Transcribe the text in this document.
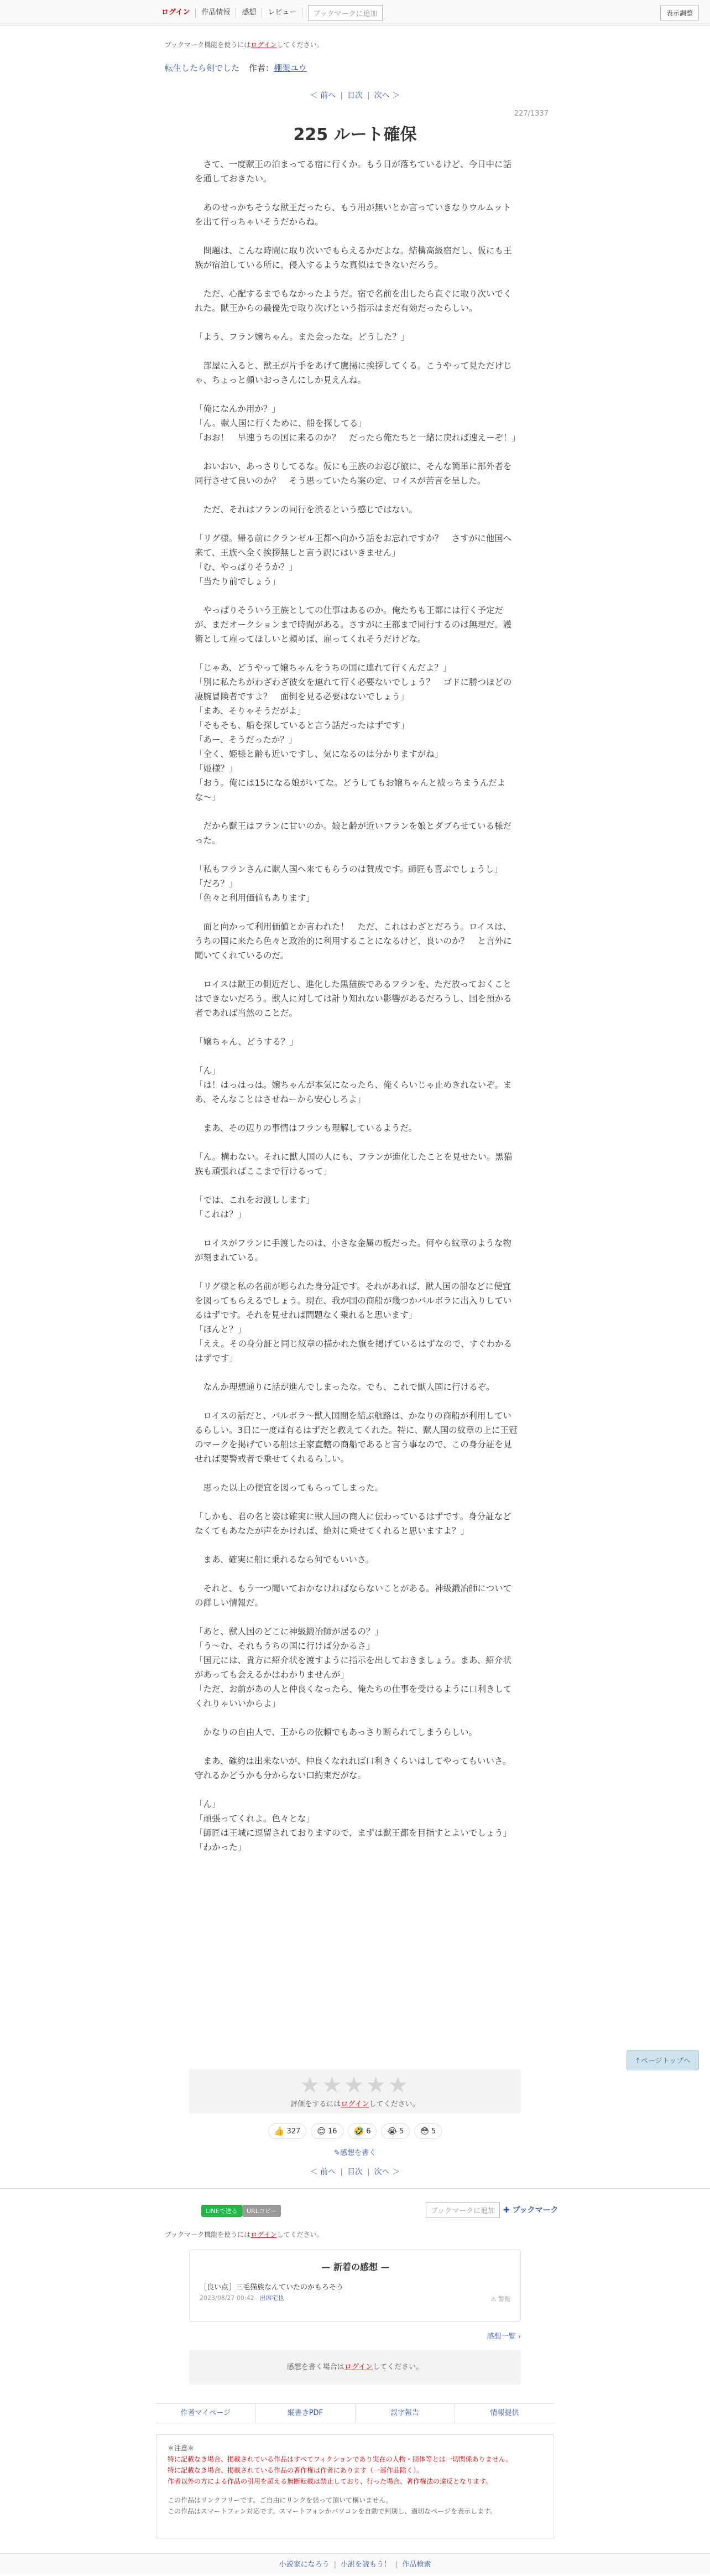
ログイン	作品情報	感想	レビュー	ブックマークに追加	表示調整
ブックマーク機能を使うにはログインしてください。
転生したら剣でした 作者：棚架ユウ
＜ 前へ | 目次 | 次へ ＞
227/1337
225 ルート確保

　さて、一度獣王の泊まってる宿に行くか。もう日が落ちているけど、今日中に話を通しておきたい。

　あのせっかちそうな獣王だったら、もう用が無いとか言っていきなりウルムットを出て行っちゃいそうだからね。

　問題は、こんな時間に取り次いでもらえるかだよな。結構高級宿だし、仮にも王族が宿泊している所に、侵入するような真似はできないだろう。

　ただ、心配するまでもなかったようだ。宿で名前を出したら直ぐに取り次いでくれた。獣王からの最優先で取り次げという指示はまだ有効だったらしい。

「よう、フラン嬢ちゃん。また会ったな。どうした？」

　部屋に入ると、獣王が片手をあげて鷹揚に挨拶してくる。こうやって見ただけじゃ、ちょっと顔いおっさんにしか見えんね。

「俺になんか用か？」

「ん。獣人国に行くために、船を探してる」

「おお！　早速うちの国に来るのか？　だったら俺たちと一緒に戻れば速えーぞ！」

　おいおい、あっさりしてるな。仮にも王族のお忍び旅に、そんな簡単に部外者を同行させて良いのか？　そう思っていたら案の定、ロイスが苦言を呈した。

　ただ、それはフランの同行を渋るという感じではない。

「リグ様。帰る前にクランゼル王都へ向かう話をお忘れですか？　さすがに他国へ来て、王族へ全く挨拶無しと言う訳にはいきません」

「む、やっぱりそうか？」

「当たり前でしょう」

　やっぱりそういう王族としての仕事はあるのか。俺たちも王都には行く予定だが、まだオークションまで時間がある。さすがに王都まで同行するのは無理だ。護衛として雇ってほしいと頼めば、雇ってくれそうだけどな。

「じゃあ、どうやって嬢ちゃんをうちの国に連れて行くんだよ？」

「別に私たちがわざわざ彼女を連れて行く必要ないでしょう？　ゴドに勝つほどの凄腕冒険者ですよ？　面倒を見る必要はないでしょう」

「まあ、そりゃそうだがよ」

「そもそも、船を探していると言う話だったはずです」

「あー、そうだったか？」

「全く、姫様と齢も近いですし、気になるのは分かりますがね」

「姫様？」

「おう。俺には15になる娘がいてな。どうしてもお嬢ちゃんと被っちまうんだよな〜」

　だから獣王はフランに甘いのか。娘と齢が近いフランを娘とダブらせている様だった。

「私もフランさんに獣人国へ来てもらうのは賛成です。師匠も喜ぶでしょうし」

「だろ？」

「色々と利用価値もあります」

　面と向かって利用価値とか言われた！　ただ、これはわざとだろう。ロイスは、うちの国に来たら色々と政治的に利用することになるけど、良いのか？　と言外に聞いてくれているのだ。

　ロイスは獣王の側近だし、進化した黒猫族であるフランを、ただ放っておくことはできないだろう。獣人に対しては計り知れない影響があるだろうし、国を預かる者であれば当然のことだ。

「嬢ちゃん、どうする？」

「ん」

「は！はっはっは。嬢ちゃんが本気になったら、俺くらいじゃ止めきれないぞ。まあ、そんなことはさせねーから安心しろよ」

　まあ、その辺りの事情はフランも理解しているようだ。

「ん。構わない。それに獣人国の人にも、フランが進化したことを見せたい。黒猫族も頑張ればここまで行けるって」

「では、これをお渡しします」

「これは？」

　ロイスがフランに手渡したのは、小さな金属の板だった。何やら紋章のような物が刻まれている。

「リグ様と私の名前が彫られた身分証です。それがあれば、獣人国の船などに便宜を図ってもらえるでしょう。現在、我が国の商船が幾つかバルボラに出入りしているはずです。それを見せれば問題なく乗れると思います」

「ほんと？」

「ええ。その身分証と同じ紋章の描かれた旗を掲げているはずなので、すぐわかるはずです」

　なんか理想通りに話が進んでしまったな。でも、これで獣人国に行けるぞ。

　ロイスの話だと、バルボラ〜獣人国間を結ぶ航路は、かなりの商船が利用しているらしい。3日に一度は有るはずだと教えてくれた。特に、獣人国の紋章の上に王冠のマークを掲げている船は王家直轄の商船であると言う事なので、この身分証を見せれば要警戒者で乗せてくれるらしい。

　思った以上の便宜を図ってもらってしまった。

「しかも、君の名と姿は確実に獣人国の商人に伝わっているはずです。身分証などなくてもあなたが声をかければ、絶対に乗せてくれると思いますよ？」

　まあ、確実に船に乗れるなら何でもいいさ。

　それと、もう一つ聞いておかなければならないことがある。神級鍛冶師についての詳しい情報だ。

「あと、獣人国のどこに神級鍛冶師が居るの？」

「う〜む、それもうちの国に行けば分かるさ」

「国元には、貴方に紹介状を渡すように指示を出しておきましょう。まあ、紹介状があっても会えるかはわかりませんが」

「ただ、お前があの人と仲良くなったら、俺たちの仕事を受けるように口利きしてくれりゃいいからよ」

　かなりの自由人で、王からの依頼でもあっさり断られてしまうらしい。

　まあ、確約は出来ないが、仲良くなれれば口利きくらいはしてやってもいいさ。守れるかどうかも分からない口約束だがな。

「ん」

「頑張ってくれよ。色々とな」

「師匠は王城に逗留されておりますので、まずは獣王都を目指すとよいでしょう」

「わかった」

↑ページトップへ
★★★★★
評価をするにはログインしてください。
👍 327 😊 16 🤣 6 😭 5 😳 5
✎感想を書く
＜ 前へ | 目次 | 次へ ＞
LINEで送る	URLコピー	ブックマークに追加	✚ ブックマーク
ブックマーク機能を使うにはログインしてください。
— 新着の感想 —
［良い点］三毛猫族なんていたのかもろそう
2023/08/27 00:42 出席宅也	⚠ 警報
感想一覧 ›
感想を書く場合はログインしてください。
作者マイページ	縦書きPDF	誤字報告	情報提供
＊注意＊
特に記載なき場合、掲載されている作品はすべてフィクションであり実在の人物・団体等とは一切関係ありません。
特に記載なき場合、掲載されている作品の著作権は作者にあります（一部作品除く）。
作者以外の方による作品の引用を超える無断転載は禁止しており、行った場合、著作権法の違反となります。
この作品はリンクフリーです。ご自由にリンクを張って頂いて構いません。
この作品はスマートフォン対応です。スマートフォンかパソコンを自動で判別し、適切なページを表示します。
小説家になろう | 小説を読もう！ | 作品検索
